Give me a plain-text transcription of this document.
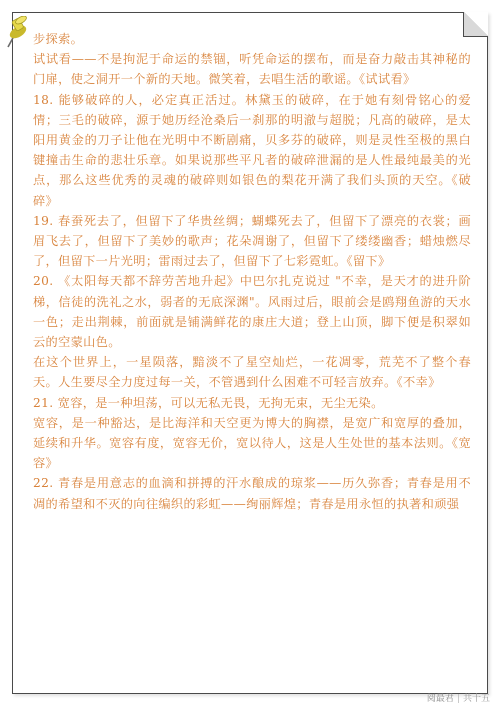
步探索。

试试看——不是拘泥于命运的禁锢，听凭命运的摆布，而是奋力敲击其神秘的门扉，使之洞开一个新的天地。微笑着，去唱生活的歌谣。《试试看》

18. 能够破碎的人，必定真正活过。林黛玉的破碎，在于她有刻骨铭心的爱情；三毛的破碎，源于她历经沧桑后一刹那的明澈与超脱；凡高的破碎，是太阳用黄金的刀子让他在光明中不断剧痛，贝多芬的破碎，则是灵性至极的黑白键撞击生命的悲壮乐章。如果说那些平凡者的破碎泄漏的是人性最纯最美的光点，那么这些优秀的灵魂的破碎则如银色的梨花开满了我们头顶的天空。《破碎》

19. 春蚕死去了，但留下了华贵丝绸；蝴蝶死去了，但留下了漂亮的衣裳；画眉飞去了，但留下了美妙的歌声；花朵凋谢了，但留下了缕缕幽香；蜡烛燃尽了，但留下一片光明；雷雨过去了，但留下了七彩霓虹。《留下》

20. 《太阳每天都不辞劳苦地升起》中巴尔扎克说过 "不幸，是天才的进升阶梯，信徒的洗礼之水，弱者的无底深渊"。风雨过后，眼前会是鸥翔鱼游的天水一色；走出荆棘，前面就是铺满鲜花的康庄大道；登上山顶，脚下便是积翠如云的空蒙山色。

在这个世界上，一星陨落，黯淡不了星空灿烂，一花凋零，荒芜不了整个春天。人生要尽全力度过每一关，不管遇到什么困难不可轻言放弃。《不幸》

21. 宽容，是一种坦荡，可以无私无畏，无拘无束，无尘无染。

宽容，是一种豁达，是比海洋和天空更为博大的胸襟，是宽广和宽厚的叠加，延续和升华。宽容有度，宽容无价，宽以待人，这是人生处世的基本法则。《宽容》

22. 青春是用意志的血滴和拼搏的汗水酿成的琼浆——历久弥香；青春是用不凋的希望和不灭的向往编织的彩虹——绚丽辉煌；青春是用永恒的执著和顽强

阅最君 | 共十五
